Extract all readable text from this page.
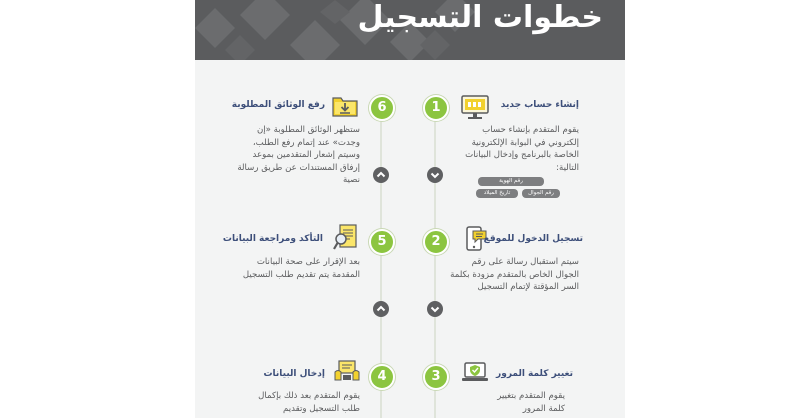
خطوات التسجيل
1	إنشاء حساب جديد
يقوم المتقدم بإنشاء حساب إلكتروني في البوابة الإلكترونية الخاصة بالبرنامج وإدخال البيانات التالية:
رقم الهوية
رقم الجوال
تاريخ الميلاد
2	تسجيل الدخول للموقع
سيتم استقبال رسالة على رقم الجوال الخاص بالمتقدم مزودة بكلمة السر المؤقتة لإتمام التسجيل
3	تغيير كلمة المرور
يقوم المتقدم بتغيير كلمة المرور
6
رفع الوثائق المطلوبة
ستظهر الوثائق المطلوبة «إن وجدت» عند إتمام رفع الطلب، وسيتم إشعار المتقدمين بموعد إرفاق المستندات عن طريق رسالة نصية
5
التأكد ومراجعة البيانات
بعد الإقرار على صحة البيانات المقدمة يتم تقديم طلب التسجيل
4
إدخال البيانات
يقوم المتقدم بعد ذلك بإكمال طلب التسجيل وتقديم
